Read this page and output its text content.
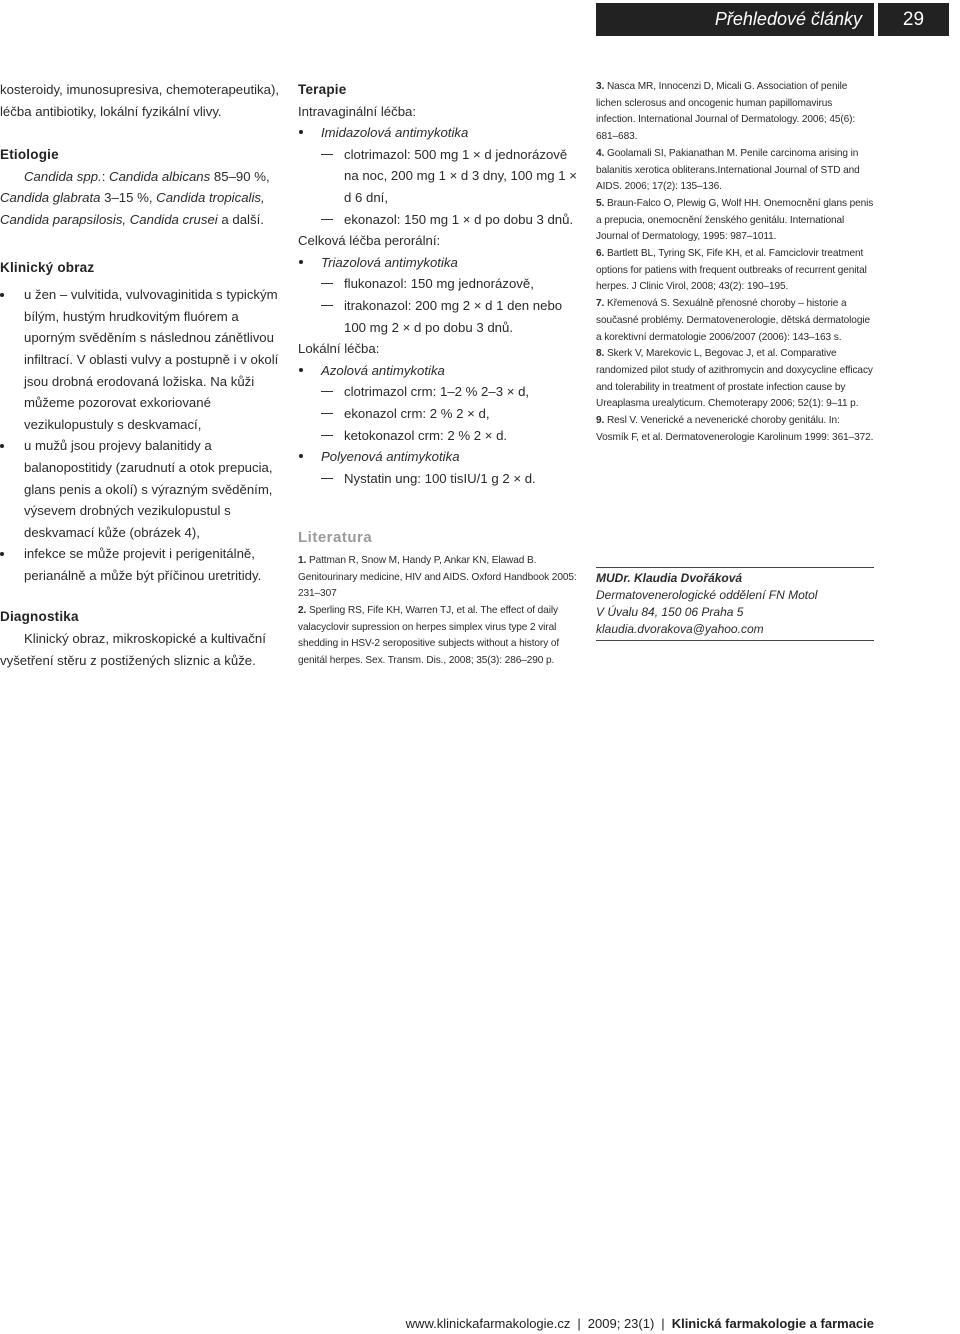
Přehledové články	29

kosteroidy, imunosupresiva, chemoterapeutika), léčba antibiotiky, lokální fyzikální vlivy.

Etiologie

Candida spp.: Candida albicans 85–90 %, Candida glabrata 3–15 %, Candida tropicalis, Candida parapsilosis, Candida crusei a další.

Klinický obraz
u žen – vulvitida, vulvovaginitida s typickým bílým, hustým hrudkovitým fluórem a uporným svěděním s následnou zánětlivou infiltrací. V oblasti vulvy a postupně i v okolí jsou drobná erodovaná ložiska. Na kůži můžeme pozorovat exkoriované vezikulopustuly s deskvamací,
u mužů jsou projevy balanitidy a balanopostitidy (zarudnutí a otok prepucia, glans penis a okolí) s výrazným svěděním, výsevem drobných vezikulopustul s deskvamací kůže (obrázek 4),
infekce se může projevit i perigenitálně, perianálně a může být příčinou uretritidy.
Diagnostika

Klinický obraz, mikroskopické a kultivační vyšetření stěru z postižených sliznic a kůže.

Terapie

Intravaginální léčba:

Imidazolová antimykotika
clotrimazol: 500 mg 1 × d jednorázově na noc, 200 mg 1 × d 3 dny, 100 mg 1 × d 6 dní,
ekonazol: 150 mg 1 × d po dobu 3 dnů.

Celková léčba perorální:

Triazolová antimykotika
flukonazol: 150 mg jednorázově,
itrakonazol: 200 mg 2 × d 1 den nebo 100 mg 2 × d po dobu 3 dnů.

Lokální léčba:

Azolová antimykotika
clotrimazol crm: 1–2 % 2–3 × d,
ekonazol crm: 2 % 2 × d,
ketokonazol crm: 2 % 2 × d.
Polyenová antimykotika
Nystatin ung: 100 tisIU/1 g 2 × d.
Literatura

1. Pattman R, Snow M, Handy P, Ankar KN, Elawad B. Genitourinary medicine, HIV and AIDS. Oxford Handbook 2005: 231–307

2. Sperling RS, Fife KH, Warren TJ, et al. The effect of daily valacyclovir supression on herpes simplex virus type 2 viral shedding in HSV-2 seropositive subjects without a history of genitál herpes. Sex. Transm. Dis., 2008; 35(3): 286–290 p.

3. Nasca MR, Innocenzi D, Micali G. Association of penile lichen sclerosus and oncogenic human papillomavirus infection. International Journal of Dermatology. 2006; 45(6): 681–683.

4. Goolamali SI, Pakianathan M. Penile carcinoma arising in balanitis xerotica obliterans.International Journal of STD and AIDS. 2006; 17(2): 135–136.

5. Braun-Falco O, Plewig G, Wolf HH. Onemocnění glans penis a prepucia, onemocnění ženského genitálu. International Journal of Dermatology, 1995: 987–1011.

6. Bartlett BL, Tyring SK, Fife KH, et al. Famciclovir treatment options for patiens with frequent outbreaks of recurrent genital herpes. J Clinic Virol, 2008; 43(2): 190–195.

7. Křemenová S. Sexuálně přenosné choroby – historie a současné problémy. Dermatovenerologie, dětská dermatologie a korektivní dermatologie 2006/2007 (2006): 143–163 s.

8. Skerk V, Marekovic L, Begovac J, et al. Comparative randomized pilot study of azithromycin and doxycycline efficacy and tolerability in treatment of prostate infection cause by Ureaplasma urealyticum. Chemoterapy 2006; 52(1): 9–11 p.

9. Resl V. Venerické a nevenerické choroby genitálu. In: Vosmík F, et al. Dermatovenerologie Karolinum 1999: 361–372.

MUDr. Klaudia Dvořáková
Dermatovenerologické oddělení FN Motol
V Úvalu 84, 150 06 Praha 5
klaudia.dvorakova@yahoo.com
www.klinickafarmakologie.cz | 2009; 23(1) | Klinická farmakologie a farmacie
